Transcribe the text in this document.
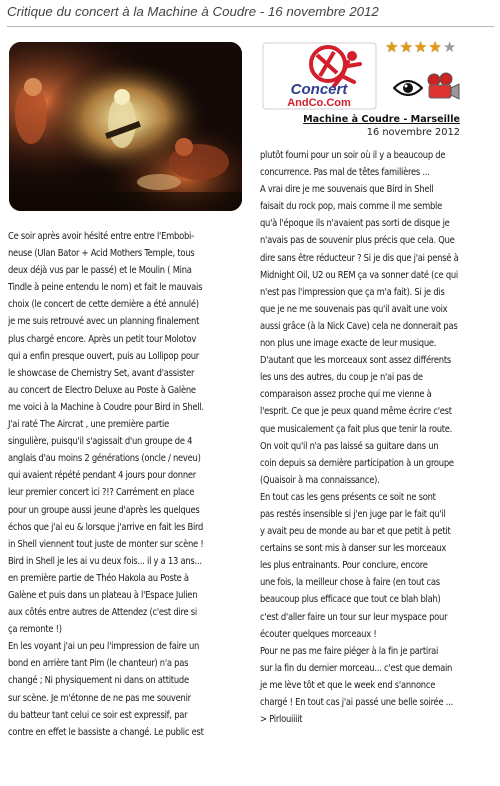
Critique du concert à la Machine à Coudre - 16 novembre 2012
Concert
AndCo.Com
★ ★ ★ ★ ★
Machine à Coudre - Marseille
16 novembre 2012

Ce soir après avoir hésité entre entre l'Embobi-

neuse (Ulan Bator + Acid Mothers Temple, tous

deux déjà vus par le passé) et le Moulin ( Mina

Tindle à peine entendu le nom) et fait le mauvais

choix (le concert de cette dernière a été annulé)

je me suis retrouvé avec un planning finalement

plus chargé encore. Après un petit tour Molotov

qui a enfin presque ouvert, puis au Lollipop pour

le showcase de Chemistry Set, avant d'assister

au concert de Electro Deluxe au Poste à Galène

me voici à la Machine à Coudre pour Bird in Shell.

J'ai raté The Aircrat , une première partie

singulière, puisqu'il s'agissait d'un groupe de 4

anglais d'au moins 2 générations (oncle / neveu)

qui avaient répété pendant 4 jours pour donner

leur premier concert ici ?!? Carrément en place

pour un groupe aussi jeune d'après les quelques

échos que j'ai eu & lorsque j'arrive en fait les Bird

in Shell viennent tout juste de monter sur scène !

Bird in Shell je les ai vu deux fois... il y a 13 ans...

en première partie de Théo Hakola au Poste à

Galène et puis dans un plateau à l'Espace Julien

aux côtés entre autres de Attendez (c'est dire si

ça remonte !)

En les voyant j'ai un peu l'impression de faire un

bond en arrière tant Pim (le chanteur) n'a pas

changé ; Ni physiquement ni dans on attitude

sur scène. Je m'étonne de ne pas me souvenir

du batteur tant celui ce soir est expressif, par

contre en effet le bassiste a changé. Le public est

plutôt fourni pour un soir où il y a beaucoup de

concurrence. Pas mal de têtes familières ...

A vrai dire je me souvenais que Bird in Shell

faisait du rock pop, mais comme il me semble

qu'à l'époque ils n'avaient pas sorti de disque je

n'avais pas de souvenir plus précis que cela. Que

dire sans être réducteur ? Si je dis que j'ai pensé à

Midnight Oil, U2 ou REM ça va sonner daté (ce qui

n'est pas l'impression que ça m'a fait). Si je dis

que je ne me souvenais pas qu'il avait une voix

aussi grâce (à la Nick Cave) cela ne donnerait pas

non plus une image exacte de leur musique.

D'autant que les morceaux sont assez différents

les uns des autres, du coup je n'ai pas de

comparaison assez proche qui me vienne à

l'esprit. Ce que je peux quand même écrire c'est

que musicalement ça fait plus que tenir la route.

On voit qu'il n'a pas laissé sa guitare dans un

coin depuis sa dernière participation à un groupe

(Quaisoir à ma connaissance).

En tout cas les gens présents ce soit ne sont

pas restés insensible si j'en juge par le fait qu'il

y avait peu de monde au bar et que petit à petit

certains se sont mis à danser sur les morceaux

les plus entrainants. Pour conclure, encore

une fois, la meilleur chose à faire (en tout cas

beaucoup plus efficace que tout ce blah blah)

c'est d'aller faire un tour sur leur myspace pour

écouter quelques morceaux !

Pour ne pas me faire piéger à la fin je partirai

sur la fin du dernier morceau... c'est que demain

je me lève tôt et que le week end s'annonce

chargé ! En tout cas j'ai passé une belle soirée ...

> Pirlouiiiit
